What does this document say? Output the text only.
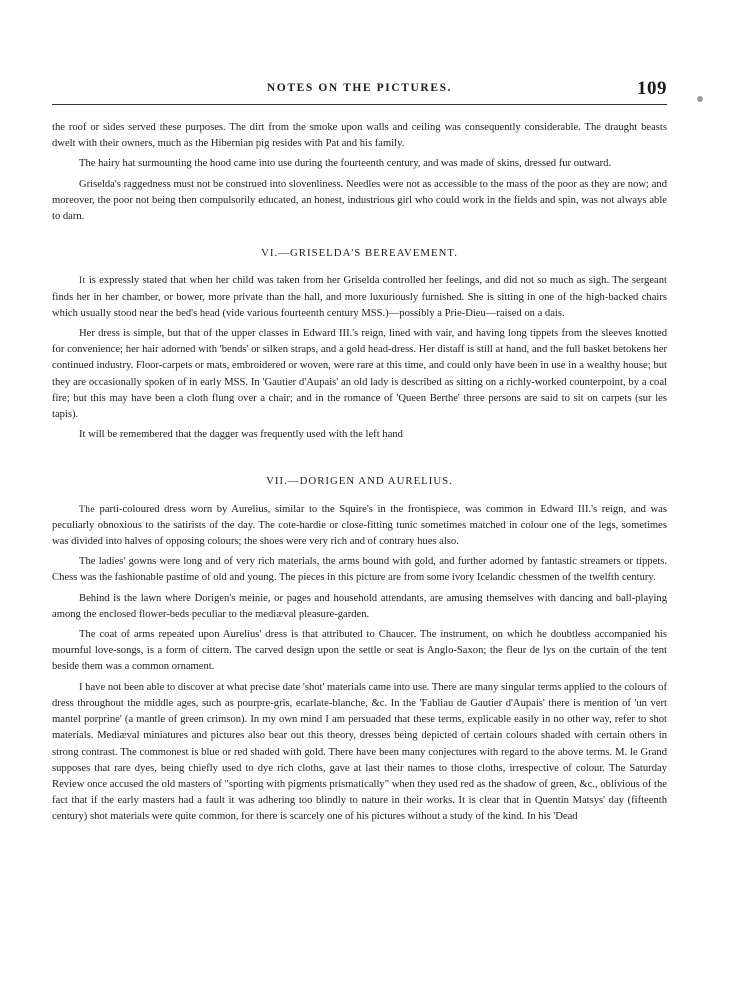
NOTES ON THE PICTURES.	109

the roof or sides served these purposes. The dirt from the smoke upon walls and ceiling was consequently considerable. The draught beasts dwelt with their owners, much as the Hibernian pig resides with Pat and his family.

The hairy hat surmounting the hood came into use during the fourteenth century, and was made of skins, dressed fur outward.

Griselda's raggedness must not be construed into slovenliness. Needles were not as accessible to the mass of the poor as they are now; and moreover, the poor not being then compulsorily educated, an honest, industrious girl who could work in the fields and spin, was not always able to darn.

VI.—GRISELDA'S BEREAVEMENT.

It is expressly stated that when her child was taken from her Griselda controlled her feelings, and did not so much as sigh. The sergeant finds her in her chamber, or bower, more private than the hall, and more luxuriously furnished. She is sitting in one of the high-backed chairs which usually stood near the bed's head (vide various fourteenth century MSS.)—possibly a Prie-Dieu—raised on a dais.

Her dress is simple, but that of the upper classes in Edward III.'s reign, lined with vair, and having long tippets from the sleeves knotted for convenience; her hair adorned with 'bends' or silken straps, and a gold head-dress. Her distaff is still at hand, and the full basket betokens her continued industry. Floor-carpets or mats, embroidered or woven, were rare at this time, and could only have been in use in a wealthy house; but they are occasionally spoken of in early MSS. In 'Gautier d'Aupais' an old lady is described as sitting on a richly-worked counterpoint, by a coal fire; but this may have been a cloth flung over a chair; and in the romance of 'Queen Berthe' three persons are said to sit on carpets (sur les tapis).

It will be remembered that the dagger was frequently used with the left hand

VII.—DORIGEN AND AURELIUS.

The parti-coloured dress worn by Aurelius, similar to the Squire's in the frontispiece, was common in Edward III.'s reign, and was peculiarly obnoxious to the satirists of the day. The cote-hardie or close-fitting tunic sometimes matched in colour one of the legs, sometimes was divided into halves of opposing colours; the shoes were very rich and of contrary hues also.

The ladies' gowns were long and of very rich materials, the arms bound with gold, and further adorned by fantastic streamers or tippets. Chess was the fashionable pastime of old and young. The pieces in this picture are from some ivory Icelandic chessmen of the twelfth century.

Behind is the lawn where Dorigen's meinie, or pages and household attendants, are amusing themselves with dancing and ball-playing among the enclosed flower-beds peculiar to the mediæval pleasure-garden.

The coat of arms repeated upon Aurelius' dress is that attributed to Chaucer. The instrument, on which he doubtless accompanied his mournful love-songs, is a form of cittern. The carved design upon the settle or seat is Anglo-Saxon; the fleur de lys on the curtain of the tent beside them was a common ornament.

I have not been able to discover at what precise date 'shot' materials came into use. There are many singular terms applied to the colours of dress throughout the middle ages, such as pourpre-gris, ecarlate-blanche, &c. In the 'Fabliau de Gautier d'Aupais' there is mention of 'un vert mantel porprine' (a mantle of green crimson). In my own mind I am persuaded that these terms, explicable easily in no other way, refer to shot materials. Mediæval miniatures and pictures also bear out this theory, dresses being depicted of certain colours shaded with certain others in strong contrast. The commonest is blue or red shaded with gold. There have been many conjectures with regard to the above terms. M. le Grand supposes that rare dyes, being chiefly used to dye rich cloths, gave at last their names to those cloths, irrespective of colour. The Saturday Review once accused the old masters of "sporting with pigments prismatically" when they used red as the shadow of green, &c., oblivious of the fact that if the early masters had a fault it was adhering too blindly to nature in their works. It is clear that in Quentin Matsys' day (fifteenth century) shot materials were quite common, for there is scarcely one of his pictures without a study of the kind. In his 'Dead
